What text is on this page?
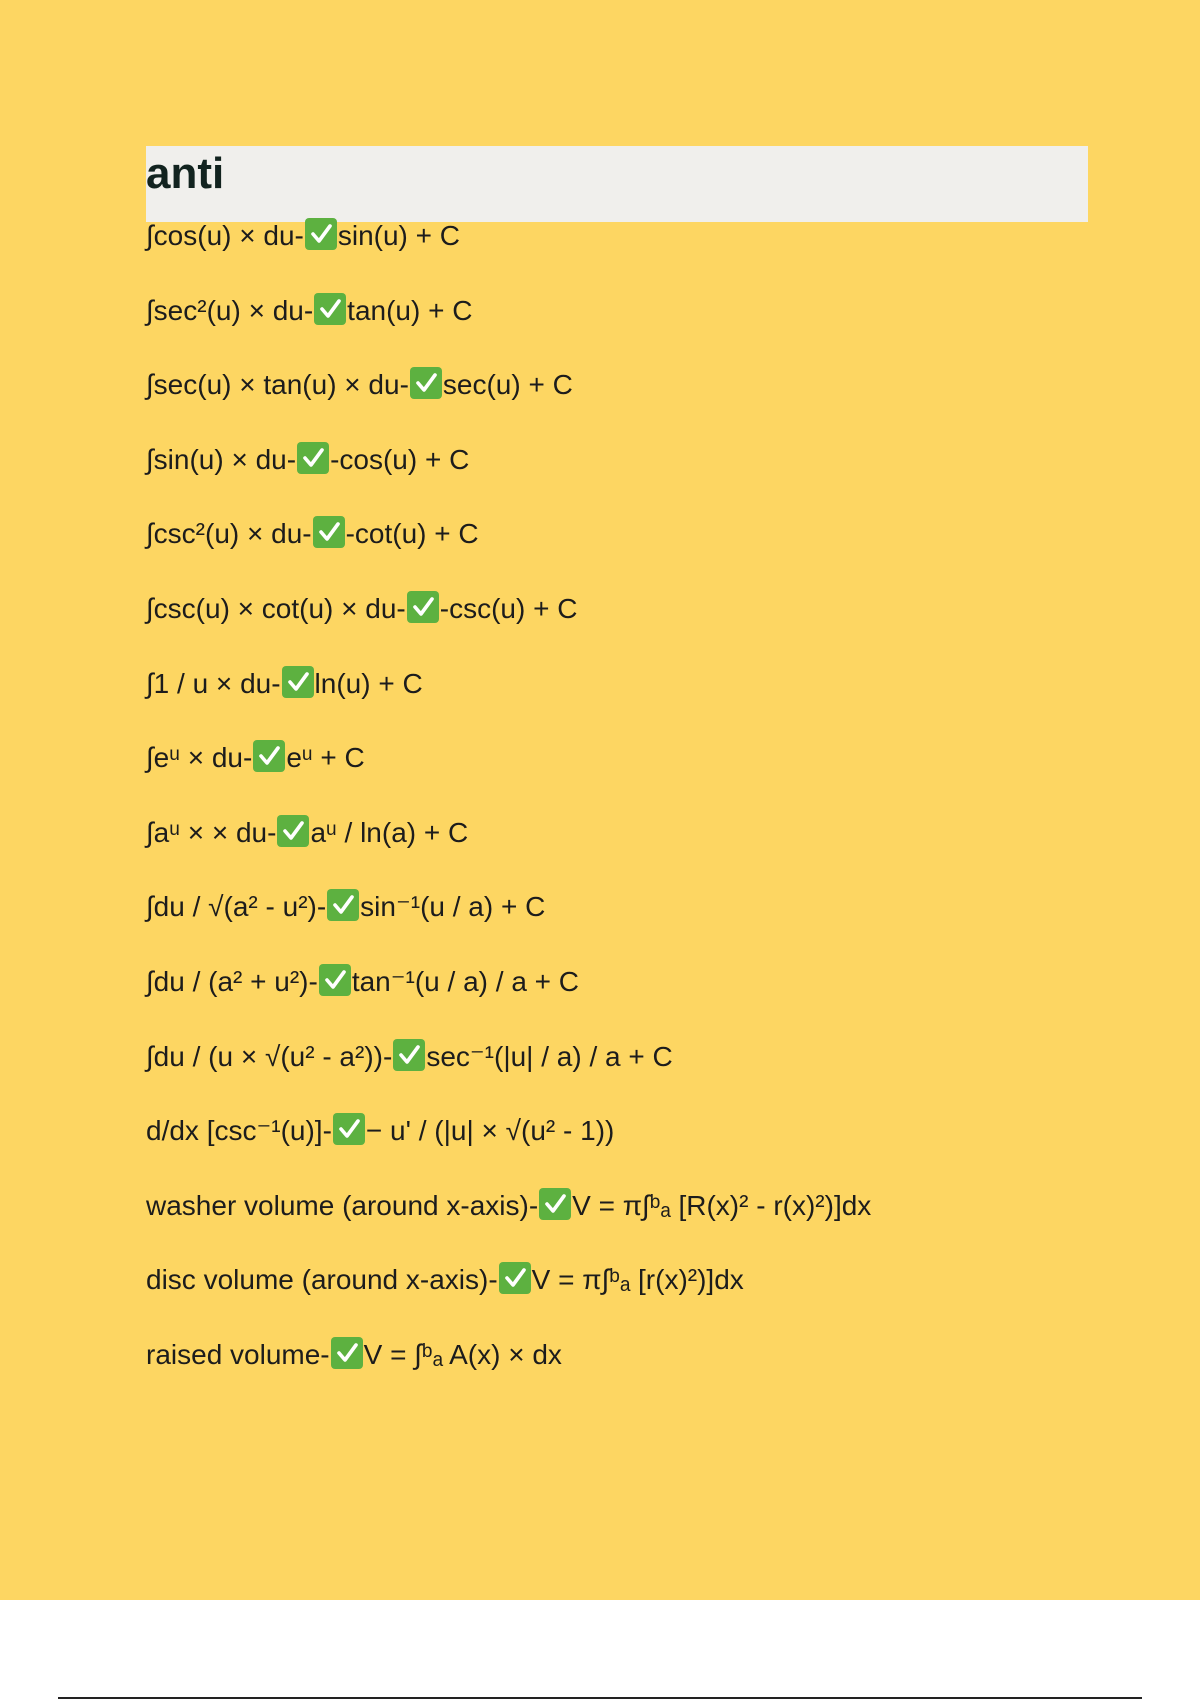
anti
∫cos(u) × du- sin(u) + C
∫sec²(u) × du- tan(u) + C
∫sec(u) × tan(u) × du- sec(u) + C
∫sin(u) × du- -cos(u) + C
∫csc²(u) × du- -cot(u) + C
∫csc(u) × cot(u) × du- -csc(u) + C
∫1 / u × du- ln(u) + C
∫eᵘ × du- eᵘ + C
∫aᵘ × × du- aᵘ / ln(a) + C
∫du / √(a² - u²)- sin⁻¹(u / a) + C
∫du / (a² + u²)- tan⁻¹(u / a) / a + C
∫du / (u × √(u² - a²))- sec⁻¹(|u| / a) / a + C
d/dx [csc⁻¹(u)]- − u' / (|u| × √(u² - 1))
washer volume (around x-axis)- V = π∫ᵇₐ [R(x)² - r(x)²)]dx
disc volume (around x-axis)- V = π∫ᵇₐ [r(x)²)]dx
raised volume- V = ∫ᵇₐ A(x) × dx
